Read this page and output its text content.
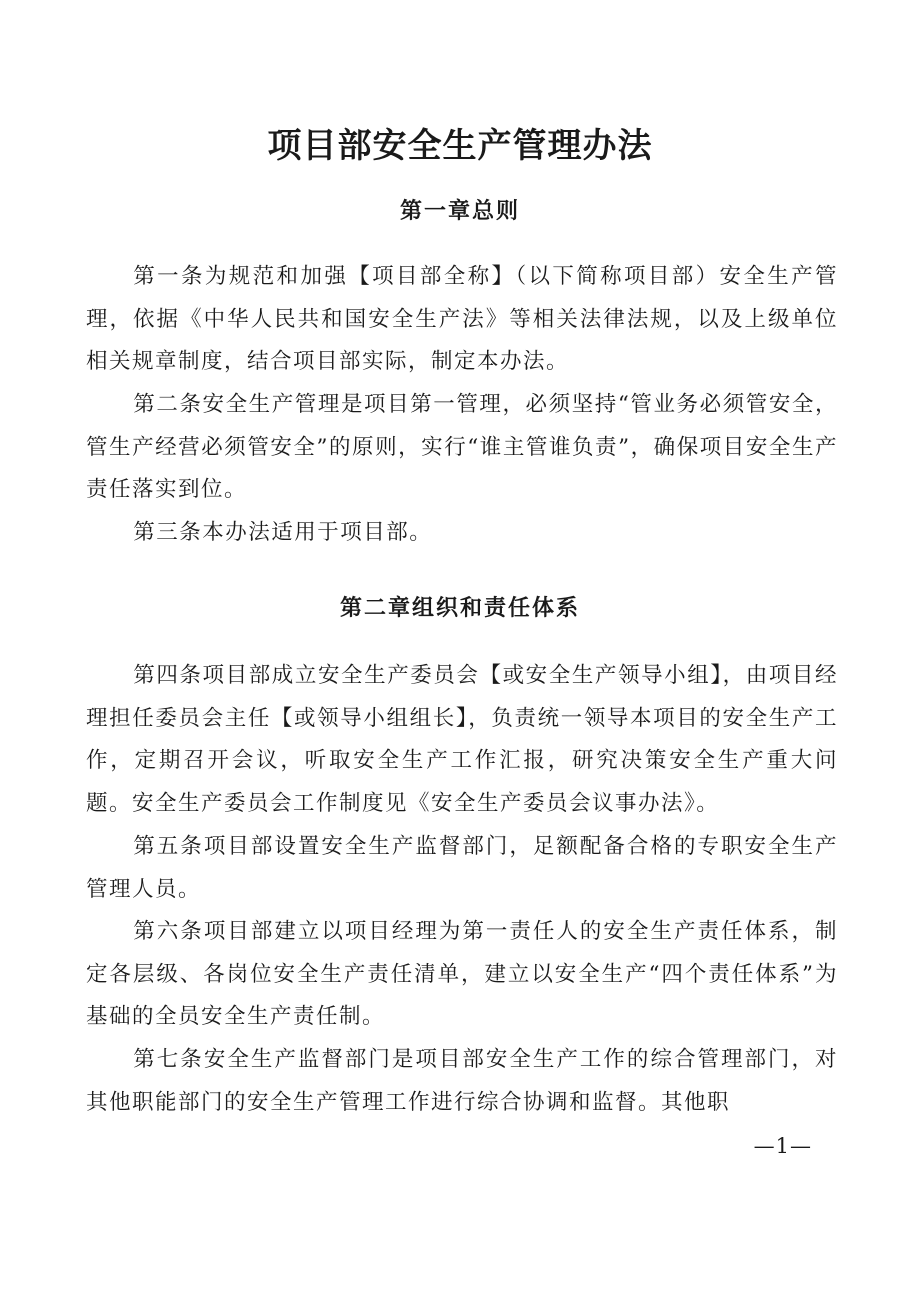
项目部安全生产管理办法
第一章总则

第一条为规范和加强【项目部全称】（以下简称项目部）安全生产管理，依据《中华人民共和国安全生产法》等相关法律法规，以及上级单位相关规章制度，结合项目部实际，制定本办法。

第二条安全生产管理是项目第一管理，必须坚持“管业务必须管安全，管生产经营必须管安全”的原则，实行“谁主管谁负责”，确保项目安全生产责任落实到位。

第三条本办法适用于项目部。

第二章组织和责任体系

第四条项目部成立安全生产委员会【或安全生产领导小组】，由项目经理担任委员会主任【或领导小组组长】，负责统一领导本项目的安全生产工作，定期召开会议，听取安全生产工作汇报，研究决策安全生产重大问题。安全生产委员会工作制度见《安全生产委员会议事办法》。

第五条项目部设置安全生产监督部门，足额配备合格的专职安全生产管理人员。

第六条项目部建立以项目经理为第一责任人的安全生产责任体系，制定各层级、各岗位安全生产责任清单，建立以安全生产“四个责任体系”为基础的全员安全生产责任制。

第七条安全生产监督部门是项目部安全生产工作的综合管理部门，对其他职能部门的安全生产管理工作进行综合协调和监督。其他职

—1—
